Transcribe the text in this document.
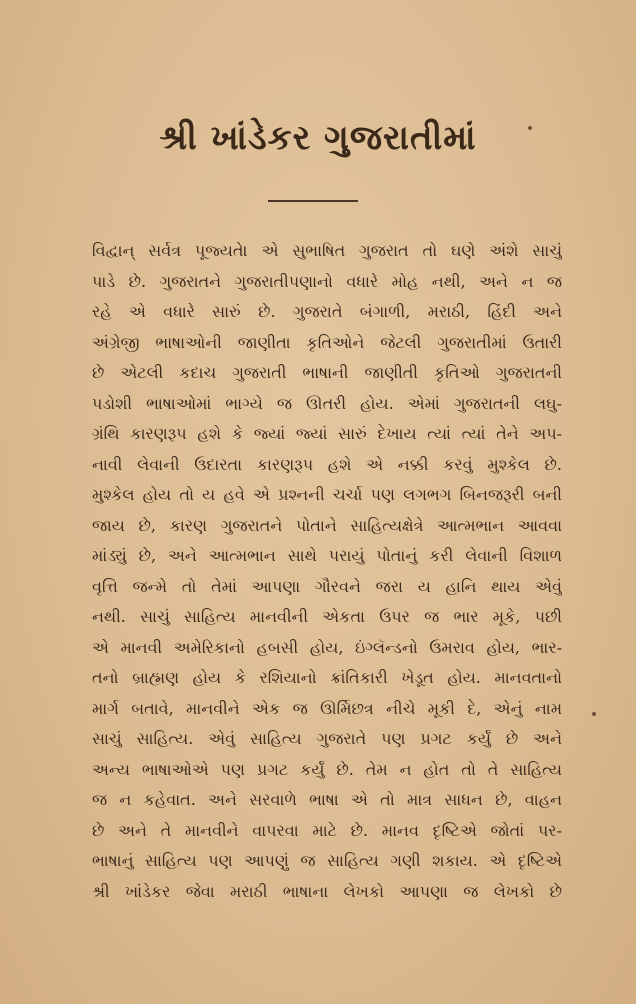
શ્રી ખાંડેકર ગુજરાતીમાં
વિદ્વાન્ સર્વત્ર પૂજ્યતે। એ સુભાષિત ગુજરાત તો ઘણે અંશે સાચું
પાડે છે. ગુજરાતને ગુજરાતીપણાનો વધારે મોહ નથી, અને ન જ
રહે એ વધારે સારું છે. ગુજરાતે બંગાળી, મરાઠી, હિંદી અને
અંગ્રેજી ભાષાઓની જાણીતા કૃતિઓને જેટલી ગુજરાતીમાં ઉતારી
છે એટલી કદાચ ગુજરાતી ભાષાની જાણીતી કૃતિઓ ગુજરાતની
પડોશી ભાષાઓમાં ભાગ્યે જ ઊતરી હોય. એમાં ગુજરાતની લઘુ-
ગ્રંથિ કારણરૂપ હશે કે જ્યાં જ્યાં સારું દેખાય ત્યાં ત્યાં તેને અપ-
નાવી લેવાની ઉદારતા કારણરૂપ હશે એ નક્કી કરવું મુશ્કેલ છે.
મુશ્કેલ હોય તો ય હવે એ પ્રશ્નની ચર્ચા પણ લગભગ બિનજરૂરી બની
જાય છે, કારણ ગુજરાતને પોતાને સાહિત્યક્ષેત્રે આત્મભાન આવવા
માંડ્યું છે, અને આત્મભાન સાથે પરાયું પોતાનું કરી લેવાની વિશાળ
વૃત્તિ જન્મે તો તેમાં આપણા ગૌરવને જરા ય હાનિ થાય એવું
નથી. સાચું સાહિત્ય માનવીની એકતા ઉપર જ ભાર મૂકે, પછી
એ માનવી અમેરિકાનો હબસી હોય, ઇંગ્લૅન્ડનો ઉમરાવ હોય, ભાર-
તનો બ્રાહ્મણ હોય કે રશિયાનો ક્રાંતિકારી ખેડૂત હોય. માનવતાનો
માર્ગ બતાવે, માનવીને એક જ ઊર્મિછત્ર નીચે મૂકી દે, એનું નામ
સાચું સાહિત્ય. એવું સાહિત્ય ગુજરાતે પણ પ્રગટ કર્યું છે અને
અન્ય ભાષાઓએ પણ પ્રગટ કર્યું છે. તેમ ન હોત તો તે સાહિત્ય
જ ન કહેવાત. અને સરવાળે ભાષા એ તો માત્ર સાધન છે, વાહન
છે અને તે માનવીને વાપરવા માટે છે. માનવ દૃષ્ટિએ જોતાં પર-
ભાષાનું સાહિત્ય પણ આપણું જ સાહિત્ય ગણી શકાય. એ દૃષ્ટિએ
શ્રી ખાંડેકર જેવા મરાઠી ભાષાના લેખકો આપણા જ લેખકો છે
